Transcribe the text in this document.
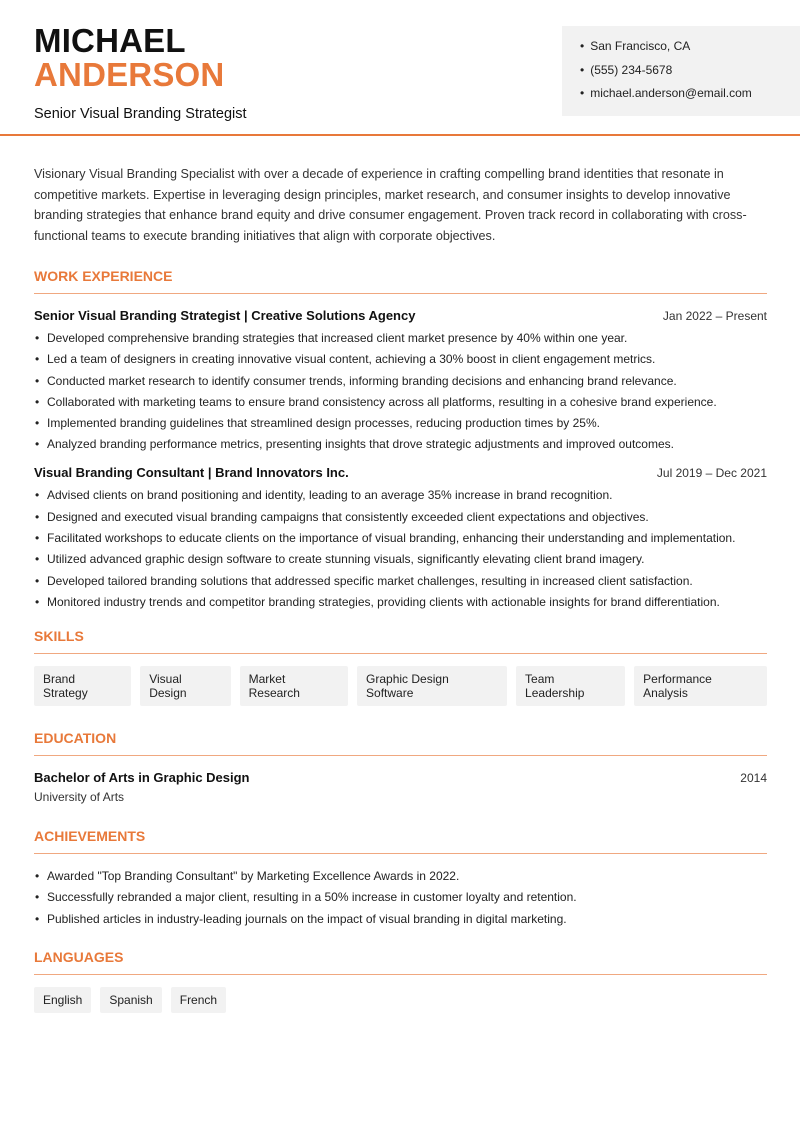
MICHAEL
ANDERSON
Senior Visual Branding Strategist
• San Francisco, CA
• (555) 234-5678
• michael.anderson@email.com

Visionary Visual Branding Specialist with over a decade of experience in crafting compelling brand identities that resonate in competitive markets. Expertise in leveraging design principles, market research, and consumer insights to develop innovative branding strategies that enhance brand equity and drive consumer engagement. Proven track record in collaborating with cross-functional teams to execute branding initiatives that align with corporate objectives.

WORK EXPERIENCE
Senior Visual Branding Strategist | Creative Solutions Agency	Jan 2022 – Present
• Developed comprehensive branding strategies that increased client market presence by 40% within one year.
• Led a team of designers in creating innovative visual content, achieving a 30% boost in client engagement metrics.
• Conducted market research to identify consumer trends, informing branding decisions and enhancing brand relevance.
• Collaborated with marketing teams to ensure brand consistency across all platforms, resulting in a cohesive brand experience.
• Implemented branding guidelines that streamlined design processes, reducing production times by 25%.
• Analyzed branding performance metrics, presenting insights that drove strategic adjustments and improved outcomes.
Visual Branding Consultant | Brand Innovators Inc.	Jul 2019 – Dec 2021
• Advised clients on brand positioning and identity, leading to an average 35% increase in brand recognition.
• Designed and executed visual branding campaigns that consistently exceeded client expectations and objectives.
• Facilitated workshops to educate clients on the importance of visual branding, enhancing their understanding and implementation.
• Utilized advanced graphic design software to create stunning visuals, significantly elevating client brand imagery.
• Developed tailored branding solutions that addressed specific market challenges, resulting in increased client satisfaction.
• Monitored industry trends and competitor branding strategies, providing clients with actionable insights for brand differentiation.
SKILLS
Brand Strategy
Visual Design
Market Research
Graphic Design Software
Team Leadership
Performance Analysis
EDUCATION
Bachelor of Arts in Graphic Design	2014
University of Arts
ACHIEVEMENTS
• Awarded "Top Branding Consultant" by Marketing Excellence Awards in 2022.
• Successfully rebranded a major client, resulting in a 50% increase in customer loyalty and retention.
• Published articles in industry-leading journals on the impact of visual branding in digital marketing.
LANGUAGES
English	Spanish	French
